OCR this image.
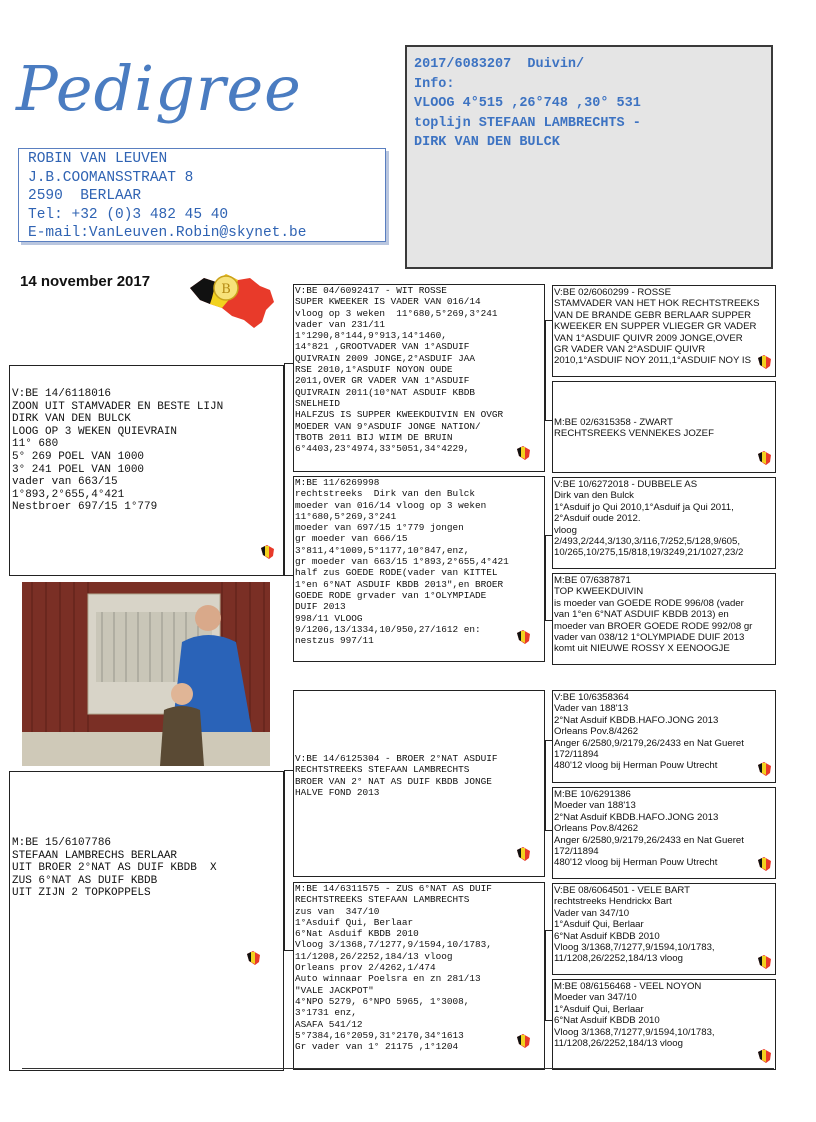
Pedigree
ROBIN VAN LEUVEN
J.B.COOMANSSTRAAT 8
2590  BERLAAR
Tel: +32 (0)3 482 45 40
E-mail:VanLeuven.Robin@skynet.be
2017/6083207  Duivin/
Info:
VLOOG 4°515 ,26°748 ,30° 531
toplijn STEFAAN LAMBRECHTS -
DIRK VAN DEN BULCK
14 november 2017	B
V:BE 14/6118016
ZOON UIT STAMVADER EN BESTE LIJN
DIRK VAN DEN BULCK
LOOG OP 3 WEKEN QUIEVRAIN
11° 680
5° 269 POEL VAN 1000
3° 241 POEL VAN 1000
vader van 663/15
1°893,2°655,4°421
Nestbroer 697/15 1°779
M:BE 15/6107786
STEFAAN LAMBRECHS BERLAAR
UIT BROER 2°NAT AS DUIF KBDB  X
ZUS 6°NAT AS DUIF KBDB
UIT ZIJN 2 TOPKOPPELS
V:BE 04/6092417 - WIT ROSSE
SUPER KWEEKER IS VADER VAN 016/14
vloog op 3 weken  11°680,5°269,3°241
vader van 231/11
1°1290,8°144,9°913,14°1460,
14°821 ,GROOTVADER VAN 1°ASDUIF
QUIVRAIN 2009 JONGE,2°ASDUIF JAA
RSE 2010,1°ASDUIF NOYON OUDE
2011,OVER GR VADER VAN 1°ASDUIF
QUIVRAIN 2011(10°NAT ASDUIF KBDB
SNELHEID
HALFZUS IS SUPPER KWEEKDUIVIN EN OVGR
MOEDER VAN 9°ASDUIF JONGE NATION/
TBOTB 2011 BIJ WIIM DE BRUIN
6°4403,23°4974,33°5051,34°4229,
M:BE 11/6269998
rechtstreeks  Dirk van den Bulck
moeder van 016/14 vloog op 3 weken
11°680,5°269,3°241
moeder van 697/15 1°779 jongen
gr moeder van 666/15
3°811,4°1009,5°1177,10°847,enz,
gr moeder van 663/15 1°893,2°655,4°421
half zus GOEDE RODE(vader van KITTEL
1°en 6°NAT ASDUIF KBDB 2013",en BROER
GOEDE RODE grvader van 1°OLYMPIADE
DUIF 2013
998/11 VLOOG
9/1206,13/1334,10/950,27/1612 en:
nestzus 997/11
V:BE 14/6125304 - BROER 2°NAT ASDUIF
RECHTSTREEKS STEFAAN LAMBRECHTS
BROER VAN 2° NAT AS DUIF KBDB JONGE
HALVE FOND 2013
M:BE 14/6311575 - ZUS 6°NAT AS DUIF
RECHTSTREEKS STEFAAN LAMBRECHTS
zus van  347/10
1°Asduif Qui, Berlaar
6°Nat Asduif KBDB 2010
Vloog 3/1368,7/1277,9/1594,10/1783,
11/1208,26/2252,184/13 vloog
Orleans prov 2/4262,1/474
Auto winnaar Poelsra en zn 281/13
"VALE JACKPOT"
4°NPO 5279, 6°NPO 5965, 1°3008,
3°1731 enz,
ASAFA 541/12
5°7384,16°2059,31°2170,34°1613
Gr vader van 1° 21175 ,1°1204
V:BE 02/6060299 - ROSSE
STAMVADER VAN HET HOK RECHTSTREEKS
VAN DE BRANDE GEBR BERLAAR SUPPER
KWEEKER EN SUPPER VLIEGER GR VADER
VAN 1°ASDUIF QUIVR 2009 JONGE,OVER
GR VADER VAN 2°ASDUIF QUIVR
2010,1°ASDUIF NOY 2011,1°ASDUIF NOY IS
M:BE 02/6315358 - ZWART
RECHTSREEKS VENNEKES JOZEF
V:BE 10/6272018 - DUBBELE AS
Dirk van den Bulck
1°Asduif jo Qui 2010,1°Asduif ja Qui 2011,
2°Asduif oude 2012.
vloog
2/493,2/244,3/130,3/116,7/252,5/128,9/605,
10/265,10/275,15/818,19/3249,21/1027,23/2
M:BE 07/6387871
TOP KWEEKDUIVIN
is moeder van GOEDE RODE 996/08 (vader
van 1°en 6°NAT ASDUIF KBDB 2013) en
moeder van BROER GOEDE RODE 992/08 gr
vader van 038/12 1°OLYMPIADE DUIF 2013
komt uit NIEUWE ROSSY X EENOOGJE
V:BE 10/6358364
Vader van 188'13
2°Nat Asduif KBDB.HAFO.JONG 2013
Orleans Pov.8/4262
Anger 6/2580,9/2179,26/2433 en Nat Gueret
172/11894
480'12 vloog bij Herman Pouw Utrecht
M:BE 10/6291386
Moeder van 188'13
2°Nat Asduif KBDB.HAFO.JONG 2013
Orleans Pov.8/4262
Anger 6/2580,9/2179,26/2433 en Nat Gueret
172/11894
480'12 vloog bij Herman Pouw Utrecht
V:BE 08/6064501 - VELE BART
rechtstreeks Hendrickx Bart
Vader van 347/10
1°Asduif Qui, Berlaar
6°Nat Asduif KBDB 2010
Vloog 3/1368,7/1277,9/1594,10/1783,
11/1208,26/2252,184/13 vloog
M:BE 08/6156468 - VEEL NOYON
Moeder van 347/10
1°Asduif Qui, Berlaar
6°Nat Asduif KBDB 2010
Vloog 3/1368,7/1277,9/1594,10/1783,
11/1208,26/2252,184/13 vloog
